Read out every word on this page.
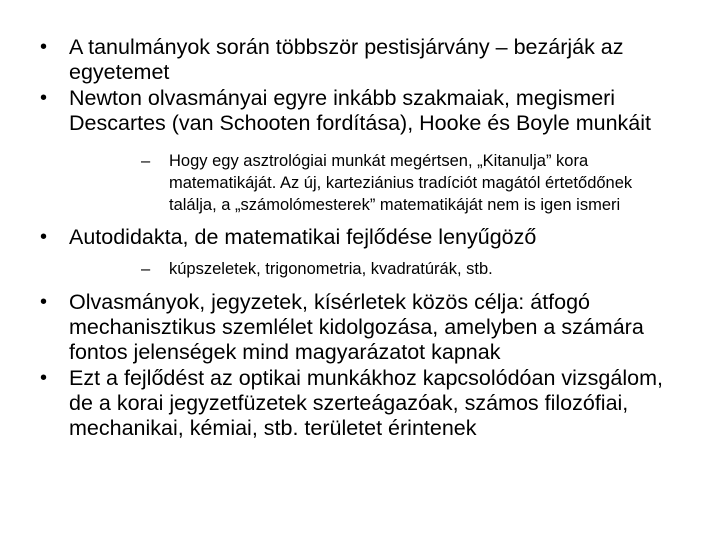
• A tanulmányok során többször pestisjárvány – bezárják az egyetemet
• Newton olvasmányai egyre inkább szakmaiak, megismeri Descartes (van Schooten fordítása), Hooke és Boyle munkáit
– Hogy egy asztrológiai munkát megértsen, „Kitanulja” kora matematikáját. Az új, karteziánius tradíciót magától értetődőnek találja, a „számolómesterek” matematikáját nem is igen ismeri
• Autodidakta, de matematikai fejlődése lenyűgöző
– kúpszeletek, trigonometria, kvadratúrák, stb.
• Olvasmányok, jegyzetek, kísérletek közös célja: átfogó mechanisztikus szemlélet kidolgozása, amelyben a számára fontos jelenségek mind magyarázatot kapnak
• Ezt a fejlődést az optikai munkákhoz kapcsolódóan vizsgálom, de a korai jegyzetfüzetek szerteágazóak, számos filozófiai, mechanikai, kémiai, stb. területet érintenek
